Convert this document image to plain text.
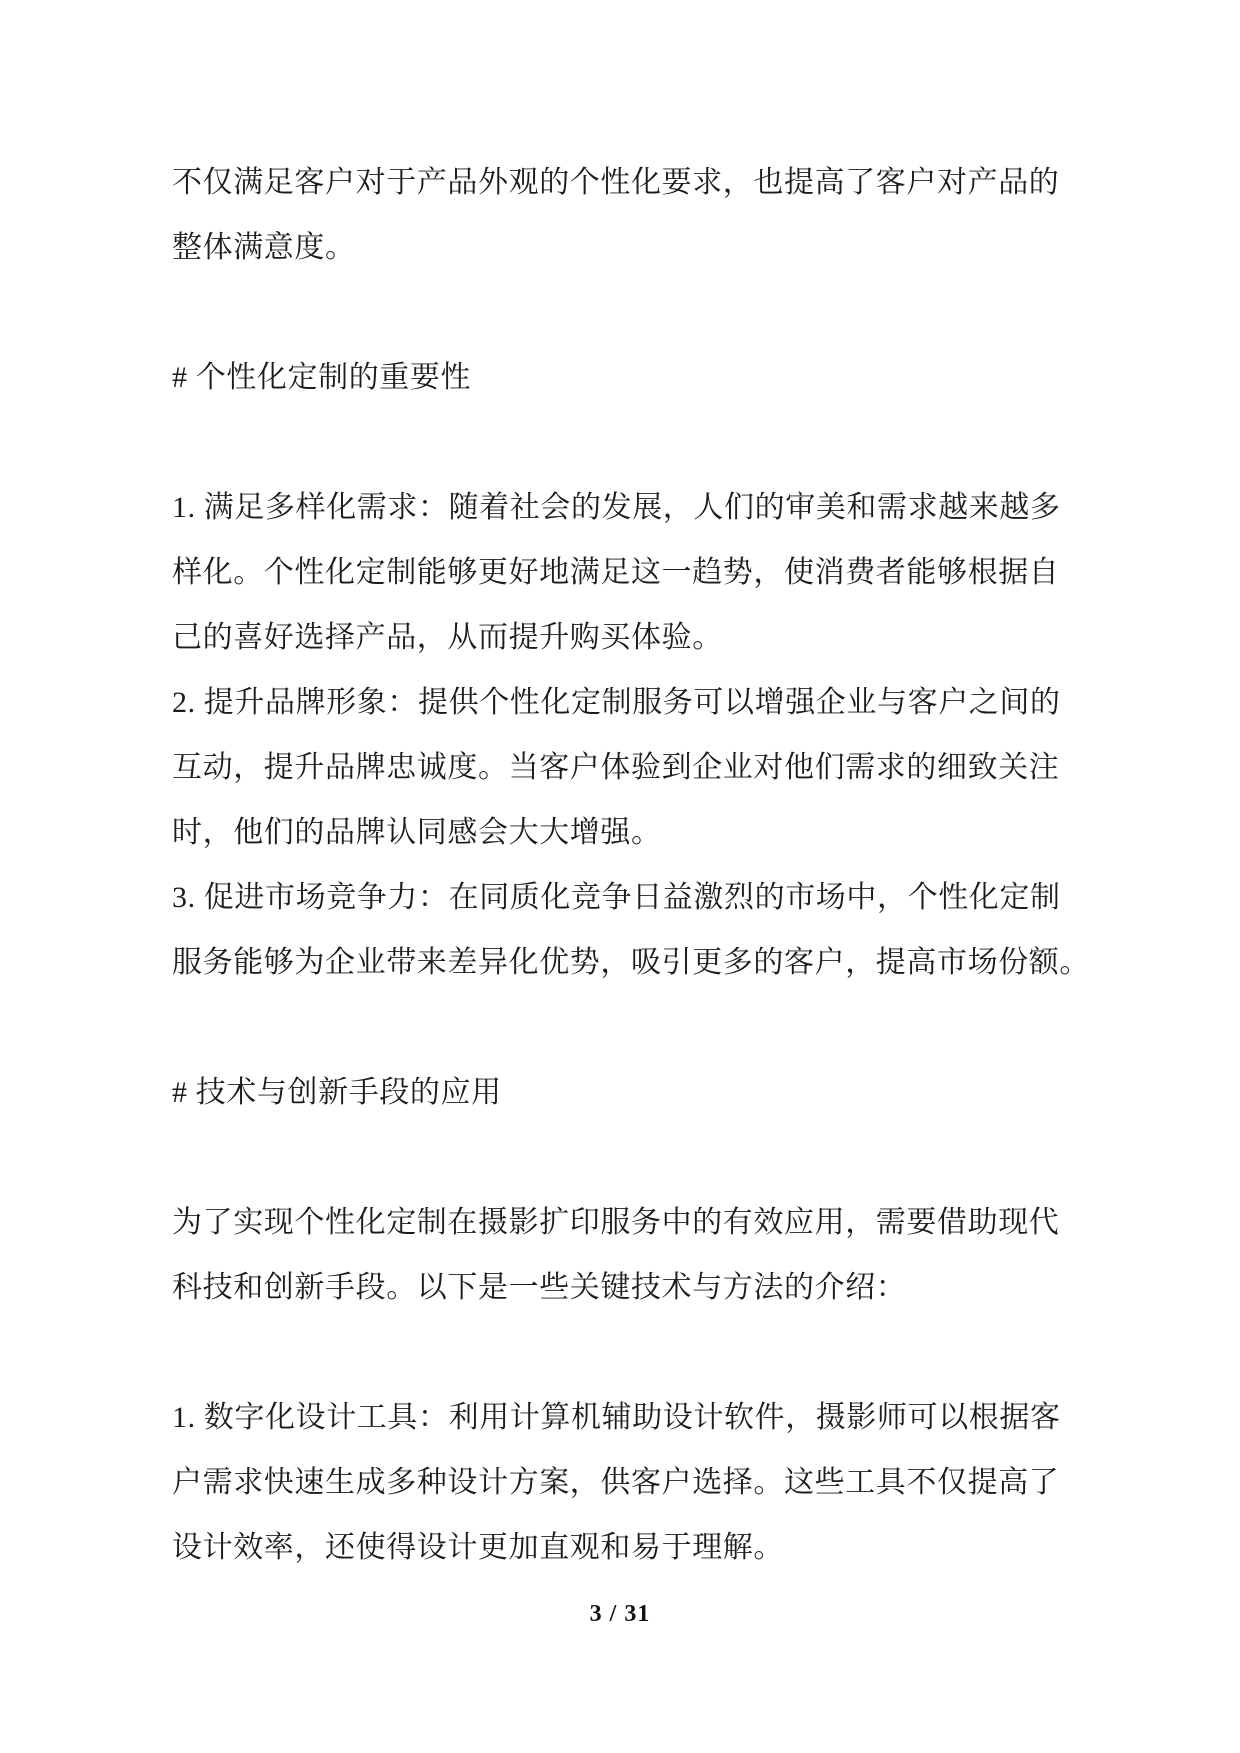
不仅满足客户对于产品外观的个性化要求，也提高了客户对产品的
整体满意度。
# 个性化定制的重要性
1. 满足多样化需求：随着社会的发展，人们的审美和需求越来越多
样化。个性化定制能够更好地满足这一趋势，使消费者能够根据自
己的喜好选择产品，从而提升购买体验。
2. 提升品牌形象：提供个性化定制服务可以增强企业与客户之间的
互动，提升品牌忠诚度。当客户体验到企业对他们需求的细致关注
时，他们的品牌认同感会大大增强。
3. 促进市场竞争力：在同质化竞争日益激烈的市场中，个性化定制
服务能够为企业带来差异化优势，吸引更多的客户，提高市场份额。
# 技术与创新手段的应用
为了实现个性化定制在摄影扩印服务中的有效应用，需要借助现代
科技和创新手段。以下是一些关键技术与方法的介绍：
1. 数字化设计工具：利用计算机辅助设计软件，摄影师可以根据客
户需求快速生成多种设计方案，供客户选择。这些工具不仅提高了
设计效率，还使得设计更加直观和易于理解。
3 / 31
